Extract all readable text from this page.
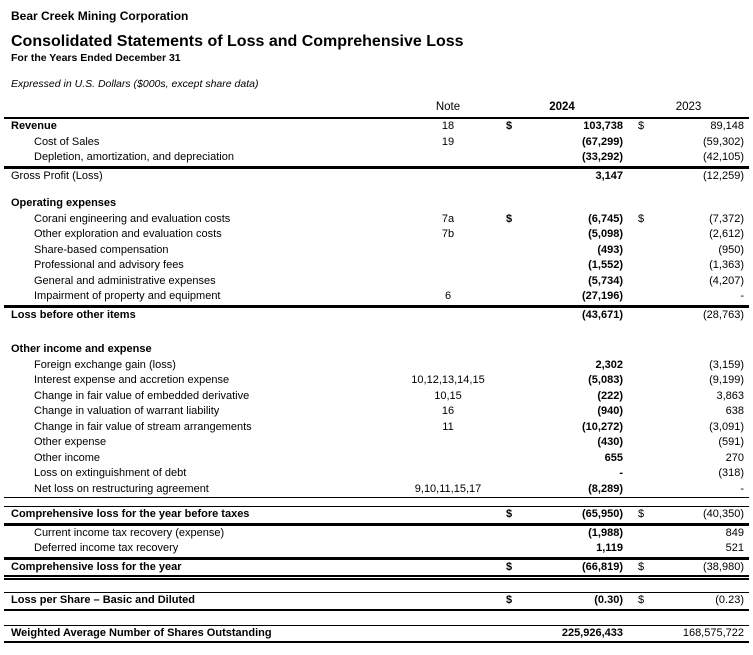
Bear Creek Mining Corporation
Consolidated Statements of Loss and Comprehensive Loss
For the Years Ended December 31
Expressed in U.S. Dollars ($000s, except share data)
	Note	2024		2023	
Revenue	18	$	103,738	$	89,148
Cost of Sales	19		(67,299)		(59,302)
Depletion, amortization, and depreciation			(33,292)		(42,105)
Gross Profit (Loss)			3,147		(12,259)

Operating expenses					
Corani engineering and evaluation costs	7a	$	(6,745)	$	(7,372)
Other exploration and evaluation costs	7b		(5,098)		(2,612)
Share-based compensation			(493)		(950)
Professional and advisory fees			(1,552)		(1,363)
General and administrative expenses			(5,734)		(4,207)
Impairment of property and equipment	6		(27,196)		-
Loss before other items			(43,671)		(28,763)

Other income and expense					
Foreign exchange gain (loss)			2,302		(3,159)
Interest expense and accretion expense	10,12,13,14,15		(5,083)		(9,199)
Change in fair value of embedded derivative	10,15		(222)		3,863
Change in valuation of warrant liability	16		(940)		638
Change in fair value of stream arrangements	11		(10,272)		(3,091)
Other expense			(430)		(591)
Other income			655		270
Loss on extinguishment of debt			-		(318)
Net loss on restructuring agreement	9,10,11,15,17		(8,289)		-

Comprehensive loss for the year before taxes		$	(65,950)	$	(40,350)
Current income tax recovery (expense)			(1,988)		849
Deferred income tax recovery			1,119		521
Comprehensive loss for the year		$	(66,819)	$	(38,980)

Loss per Share – Basic and Diluted		$	(0.30)	$	(0.23)

Weighted Average Number of Shares Outstanding			225,926,433		168,575,722
